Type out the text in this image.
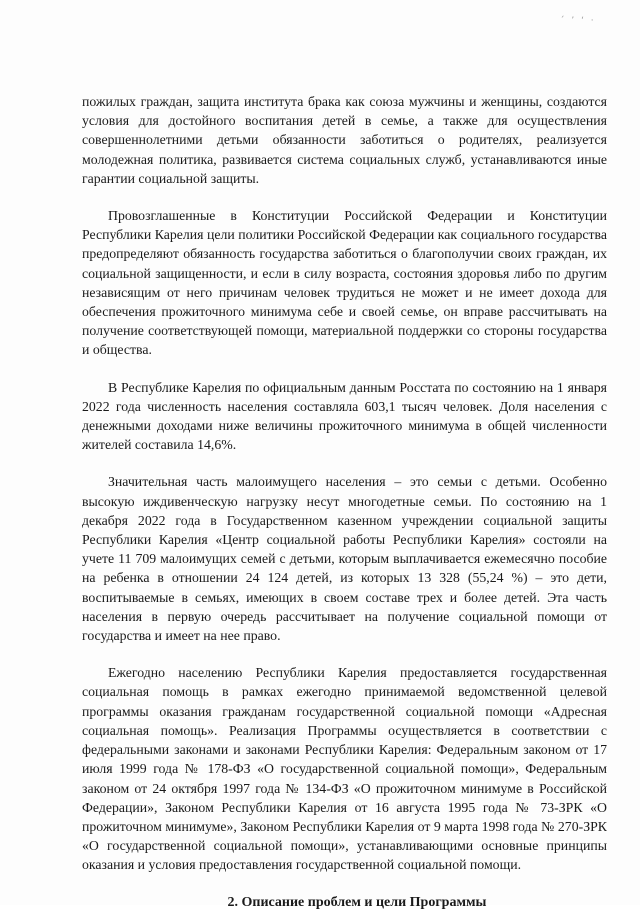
´ ʼ ‘ ·

пожилых граждан, защита института брака как союза мужчины и женщины, создаются условия для достойного воспитания детей в семье, а также для осуществления совершеннолетними детьми обязанности заботиться о родителях, реализуется молодежная политика, развивается система социальных служб, устанавливаются иные гарантии социальной защиты.

Провозглашенные в Конституции Российской Федерации и Конституции Республики Карелия цели политики Российской Федерации как социального государства предопределяют обязанность государства заботиться о благополучии своих граждан, их социальной защищенности, и если в силу возраста, состояния здоровья либо по другим независящим от него причинам человек трудиться не может и не имеет дохода для обеспечения прожиточного минимума себе и своей семье, он вправе рассчитывать на получение соответствующей помощи, материальной поддержки со стороны государства и общества.

В Республике Карелия по официальным данным Росстата по состоянию на 1 января 2022 года численность населения составляла 603,1 тысяч человек. Доля населения с денежными доходами ниже величины прожиточного минимума в общей численности жителей составила 14,6%.

Значительная часть малоимущего населения – это семьи с детьми. Особенно высокую иждивенческую нагрузку несут многодетные семьи. По состоянию на 1 декабря 2022 года в Государственном казенном учреждении социальной защиты Республики Карелия «Центр социальной работы Республики Карелия» состояли на учете 11 709 малоимущих семей с детьми, которым выплачивается ежемесячно пособие на ребенка в отношении 24 124 детей, из которых 13 328 (55,24 %) – это дети, воспитываемые в семьях, имеющих в своем составе трех и более детей. Эта часть населения в первую очередь рассчитывает на получение социальной помощи от государства и имеет на нее право.

Ежегодно населению Республики Карелия предоставляется государственная социальная помощь в рамках ежегодно принимаемой ведомственной целевой программы оказания гражданам государственной социальной помощи «Адресная социальная помощь». Реализация Программы осуществляется в соответствии с федеральными законами и законами Республики Карелия: Федеральным законом от 17 июля 1999 года № 178-ФЗ «О государственной социальной помощи», Федеральным законом от 24 октября 1997 года № 134-ФЗ «О прожиточном минимуме в Российской Федерации», Законом Республики Карелия от 16 августа 1995 года № 73-ЗРК «О прожиточном минимуме», Законом Республики Карелия от 9 марта 1998 года № 270-ЗРК «О государственной социальной помощи», устанавливающими основные принципы оказания и условия предоставления государственной социальной помощи.

2. Описание проблем и цели Программы
